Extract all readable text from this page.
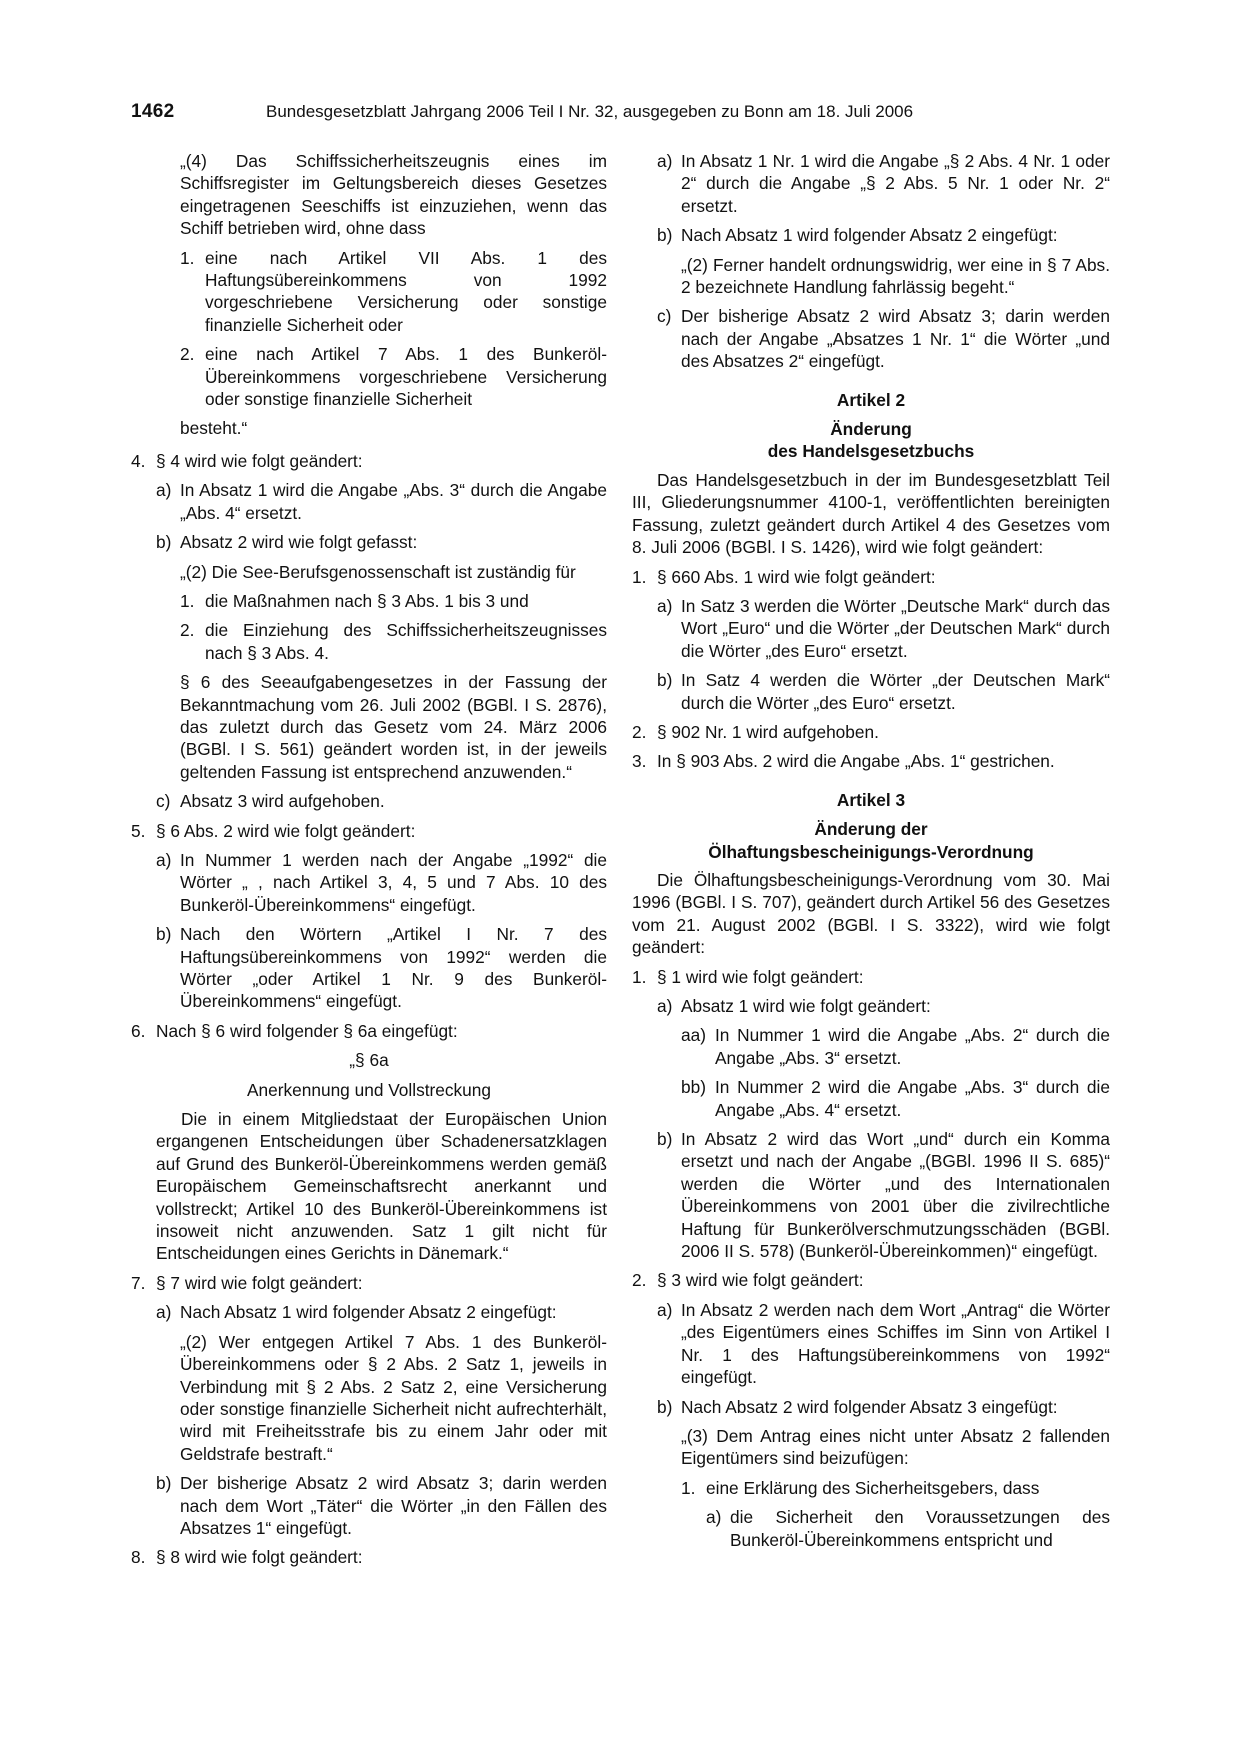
1462	Bundesgesetzblatt Jahrgang 2006 Teil I Nr. 32, ausgegeben zu Bonn am 18. Juli 2006

„(4) Das Schiffssicherheitszeugnis eines im Schiffsregister im Geltungsbereich dieses Gesetzes eingetragenen Seeschiffs ist einzuziehen, wenn das Schiff betrieben wird, ohne dass

1. eine nach Artikel VII Abs. 1 des Haftungsübereinkommens von 1992 vorgeschriebene Versicherung oder sonstige finanzielle Sicherheit oder
2. eine nach Artikel 7 Abs. 1 des Bunkeröl-Übereinkommens vorgeschriebene Versicherung oder sonstige finanzielle Sicherheit

besteht.“

4. § 4 wird wie folgt geändert:
a) In Absatz 1 wird die Angabe „Abs. 3“ durch die Angabe „Abs. 4“ ersetzt.
b) Absatz 2 wird wie folgt gefasst:

„(2) Die See-Berufsgenossenschaft ist zuständig für

1. die Maßnahmen nach § 3 Abs. 1 bis 3 und
2. die Einziehung des Schiffssicherheitszeugnisses nach § 3 Abs. 4.

§ 6 des Seeaufgabengesetzes in der Fassung der Bekanntmachung vom 26. Juli 2002 (BGBl. I S. 2876), das zuletzt durch das Gesetz vom 24. März 2006 (BGBl. I S. 561) geändert worden ist, in der jeweils geltenden Fassung ist entsprechend anzuwenden.“

c) Absatz 3 wird aufgehoben.
5. § 6 Abs. 2 wird wie folgt geändert:
a) In Nummer 1 werden nach der Angabe „1992“ die Wörter „ , nach Artikel 3, 4, 5 und 7 Abs. 10 des Bunkeröl-Übereinkommens“ eingefügt.
b) Nach den Wörtern „Artikel I Nr. 7 des Haftungsübereinkommens von 1992“ werden die Wörter „oder Artikel 1 Nr. 9 des Bunkeröl-Übereinkommens“ eingefügt.
6. Nach § 6 wird folgender § 6a eingefügt:

„§ 6a

Anerkennung und Vollstreckung

Die in einem Mitgliedstaat der Europäischen Union ergangenen Entscheidungen über Schadenersatzklagen auf Grund des Bunkeröl-Übereinkommens werden gemäß Europäischem Gemeinschaftsrecht anerkannt und vollstreckt; Artikel 10 des Bunkeröl-Übereinkommens ist insoweit nicht anzuwenden. Satz 1 gilt nicht für Entscheidungen eines Gerichts in Dänemark.“

7. § 7 wird wie folgt geändert:
a) Nach Absatz 1 wird folgender Absatz 2 eingefügt:

„(2) Wer entgegen Artikel 7 Abs. 1 des Bunkeröl-Übereinkommens oder § 2 Abs. 2 Satz 1, jeweils in Verbindung mit § 2 Abs. 2 Satz 2, eine Versicherung oder sonstige finanzielle Sicherheit nicht aufrechterhält, wird mit Freiheitsstrafe bis zu einem Jahr oder mit Geldstrafe bestraft.“

b) Der bisherige Absatz 2 wird Absatz 3; darin werden nach dem Wort „Täter“ die Wörter „in den Fällen des Absatzes 1“ eingefügt.
8. § 8 wird wie folgt geändert:
a) In Absatz 1 Nr. 1 wird die Angabe „§ 2 Abs. 4 Nr. 1 oder 2“ durch die Angabe „§ 2 Abs. 5 Nr. 1 oder Nr. 2“ ersetzt.
b) Nach Absatz 1 wird folgender Absatz 2 eingefügt:

„(2) Ferner handelt ordnungswidrig, wer eine in § 7 Abs. 2 bezeichnete Handlung fahrlässig begeht.“

c) Der bisherige Absatz 2 wird Absatz 3; darin werden nach der Angabe „Absatzes 1 Nr. 1“ die Wörter „und des Absatzes 2“ eingefügt.

Artikel 2

Änderung

des Handelsgesetzbuchs

Das Handelsgesetzbuch in der im Bundesgesetzblatt Teil III, Gliederungsnummer 4100-1, veröffentlichten bereinigten Fassung, zuletzt geändert durch Artikel 4 des Gesetzes vom 8. Juli 2006 (BGBl. I S. 1426), wird wie folgt geändert:

1. § 660 Abs. 1 wird wie folgt geändert:
a) In Satz 3 werden die Wörter „Deutsche Mark“ durch das Wort „Euro“ und die Wörter „der Deutschen Mark“ durch die Wörter „des Euro“ ersetzt.
b) In Satz 4 werden die Wörter „der Deutschen Mark“ durch die Wörter „des Euro“ ersetzt.
2. § 902 Nr. 1 wird aufgehoben.
3. In § 903 Abs. 2 wird die Angabe „Abs. 1“ gestrichen.

Artikel 3

Änderung der

Ölhaftungsbescheinigungs-Verordnung

Die Ölhaftungsbescheinigungs-Verordnung vom 30. Mai 1996 (BGBl. I S. 707), geändert durch Artikel 56 des Gesetzes vom 21. August 2002 (BGBl. I S. 3322), wird wie folgt geändert:

1. § 1 wird wie folgt geändert:
a) Absatz 1 wird wie folgt geändert:
aa) In Nummer 1 wird die Angabe „Abs. 2“ durch die Angabe „Abs. 3“ ersetzt.
bb) In Nummer 2 wird die Angabe „Abs. 3“ durch die Angabe „Abs. 4“ ersetzt.
b) In Absatz 2 wird das Wort „und“ durch ein Komma ersetzt und nach der Angabe „(BGBl. 1996 II S. 685)“ werden die Wörter „und des Internationalen Übereinkommens von 2001 über die zivilrechtliche Haftung für Bunkerölverschmutzungsschäden (BGBl. 2006 II S. 578) (Bunkeröl-Übereinkommen)“ eingefügt.
2. § 3 wird wie folgt geändert:
a) In Absatz 2 werden nach dem Wort „Antrag“ die Wörter „des Eigentümers eines Schiffes im Sinn von Artikel I Nr. 1 des Haftungsübereinkommens von 1992“ eingefügt.
b) Nach Absatz 2 wird folgender Absatz 3 eingefügt:

„(3) Dem Antrag eines nicht unter Absatz 2 fallenden Eigentümers sind beizufügen:

1. eine Erklärung des Sicherheitsgebers, dass
a) die Sicherheit den Voraussetzungen des Bunkeröl-Übereinkommens entspricht und
